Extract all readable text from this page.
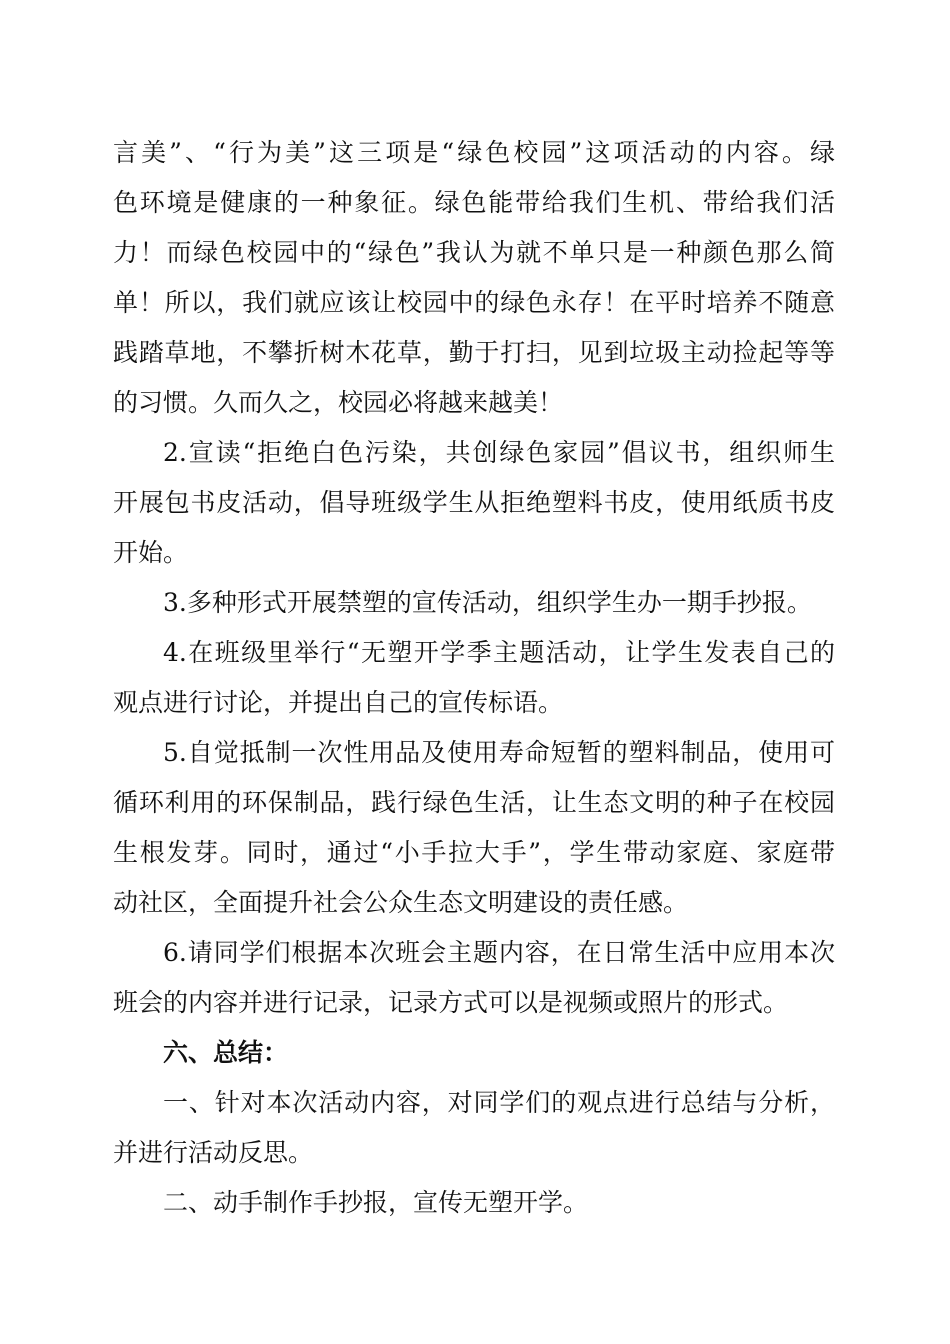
言美”、“行为美”这三项是“绿色校园”这项活动的内容。绿
色环境是健康的一种象征。绿色能带给我们生机、带给我们活
力！而绿色校园中的“绿色”我认为就不单只是一种颜色那么简
单！所以，我们就应该让校园中的绿色永存！在平时培养不随意
践踏草地，不攀折树木花草，勤于打扫，见到垃圾主动捡起等等
的习惯。久而久之，校园必将越来越美！
2.宣读“拒绝白色污染，共创绿色家园”倡议书，组织师生
开展包书皮活动，倡导班级学生从拒绝塑料书皮，使用纸质书皮
开始。
3.多种形式开展禁塑的宣传活动，组织学生办一期手抄报。
4.在班级里举行“无塑开学季主题活动，让学生发表自己的
观点进行讨论，并提出自己的宣传标语。
5.自觉抵制一次性用品及使用寿命短暂的塑料制品，使用可
循环利用的环保制品，践行绿色生活，让生态文明的种子在校园
生根发芽。同时，通过“小手拉大手”，学生带动家庭、家庭带
动社区，全面提升社会公众生态文明建设的责任感。
6.请同学们根据本次班会主题内容，在日常生活中应用本次
班会的内容并进行记录，记录方式可以是视频或照片的形式。
六、总结：
一、针对本次活动内容，对同学们的观点进行总结与分析，
并进行活动反思。
二、动手制作手抄报，宣传无塑开学。
